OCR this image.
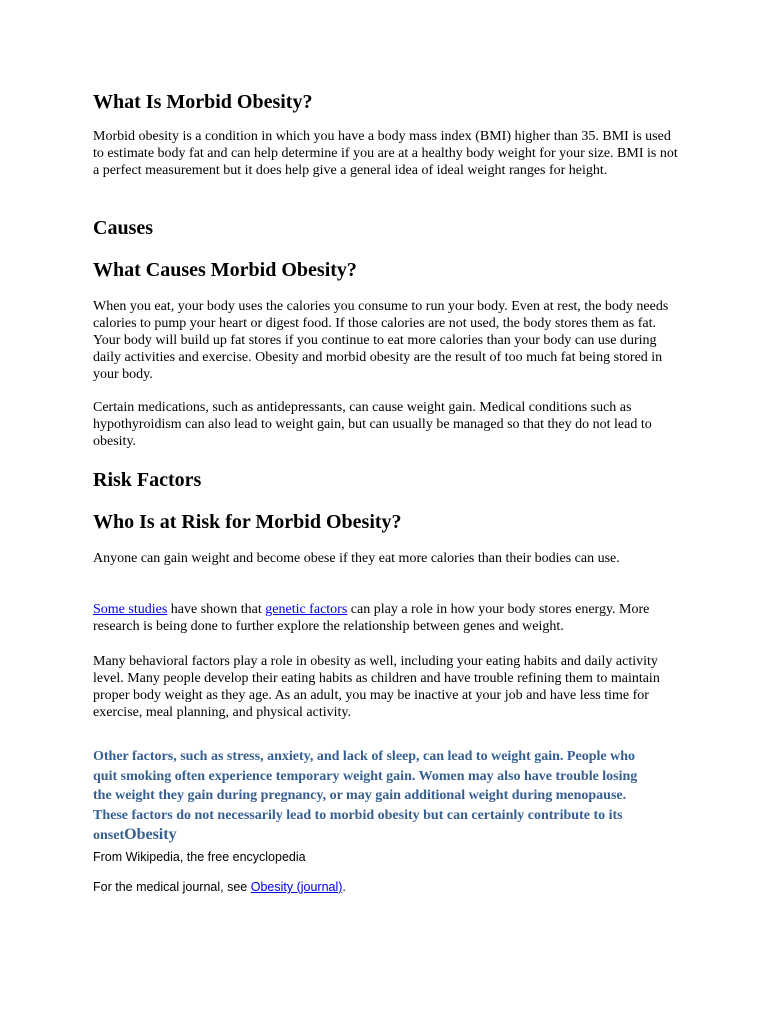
What Is Morbid Obesity?

Morbid obesity is a condition in which you have a body mass index (BMI) higher than 35. BMI is used to estimate body fat and can help determine if you are at a healthy body weight for your size. BMI is not a perfect measurement but it does help give a general idea of ideal weight ranges for height.

Causes
What Causes Morbid Obesity?

When you eat, your body uses the calories you consume to run your body. Even at rest, the body needs calories to pump your heart or digest food. If those calories are not used, the body stores them as fat. Your body will build up fat stores if you continue to eat more calories than your body can use during daily activities and exercise. Obesity and morbid obesity are the result of too much fat being stored in your body.

Certain medications, such as antidepressants, can cause weight gain. Medical conditions such as hypothyroidism can also lead to weight gain, but can usually be managed so that they do not lead to obesity.

Risk Factors
Who Is at Risk for Morbid Obesity?

Anyone can gain weight and become obese if they eat more calories than their bodies can use.

Some studies have shown that genetic factors can play a role in how your body stores energy. More research is being done to further explore the relationship between genes and weight.

Many behavioral factors play a role in obesity as well, including your eating habits and daily activity level. Many people develop their eating habits as children and have trouble refining them to maintain proper body weight as they age. As an adult, you may be inactive at your job and have less time for exercise, meal planning, and physical activity.

Other factors, such as stress, anxiety, and lack of sleep, can lead to weight gain. People who quit smoking often experience temporary weight gain. Women may also have trouble losing the weight they gain during pregnancy, or may gain additional weight during menopause. These factors do not necessarily lead to morbid obesity but can certainly contribute to its onsetObesity

From Wikipedia, the free encyclopedia

For the medical journal, see Obesity (journal).
